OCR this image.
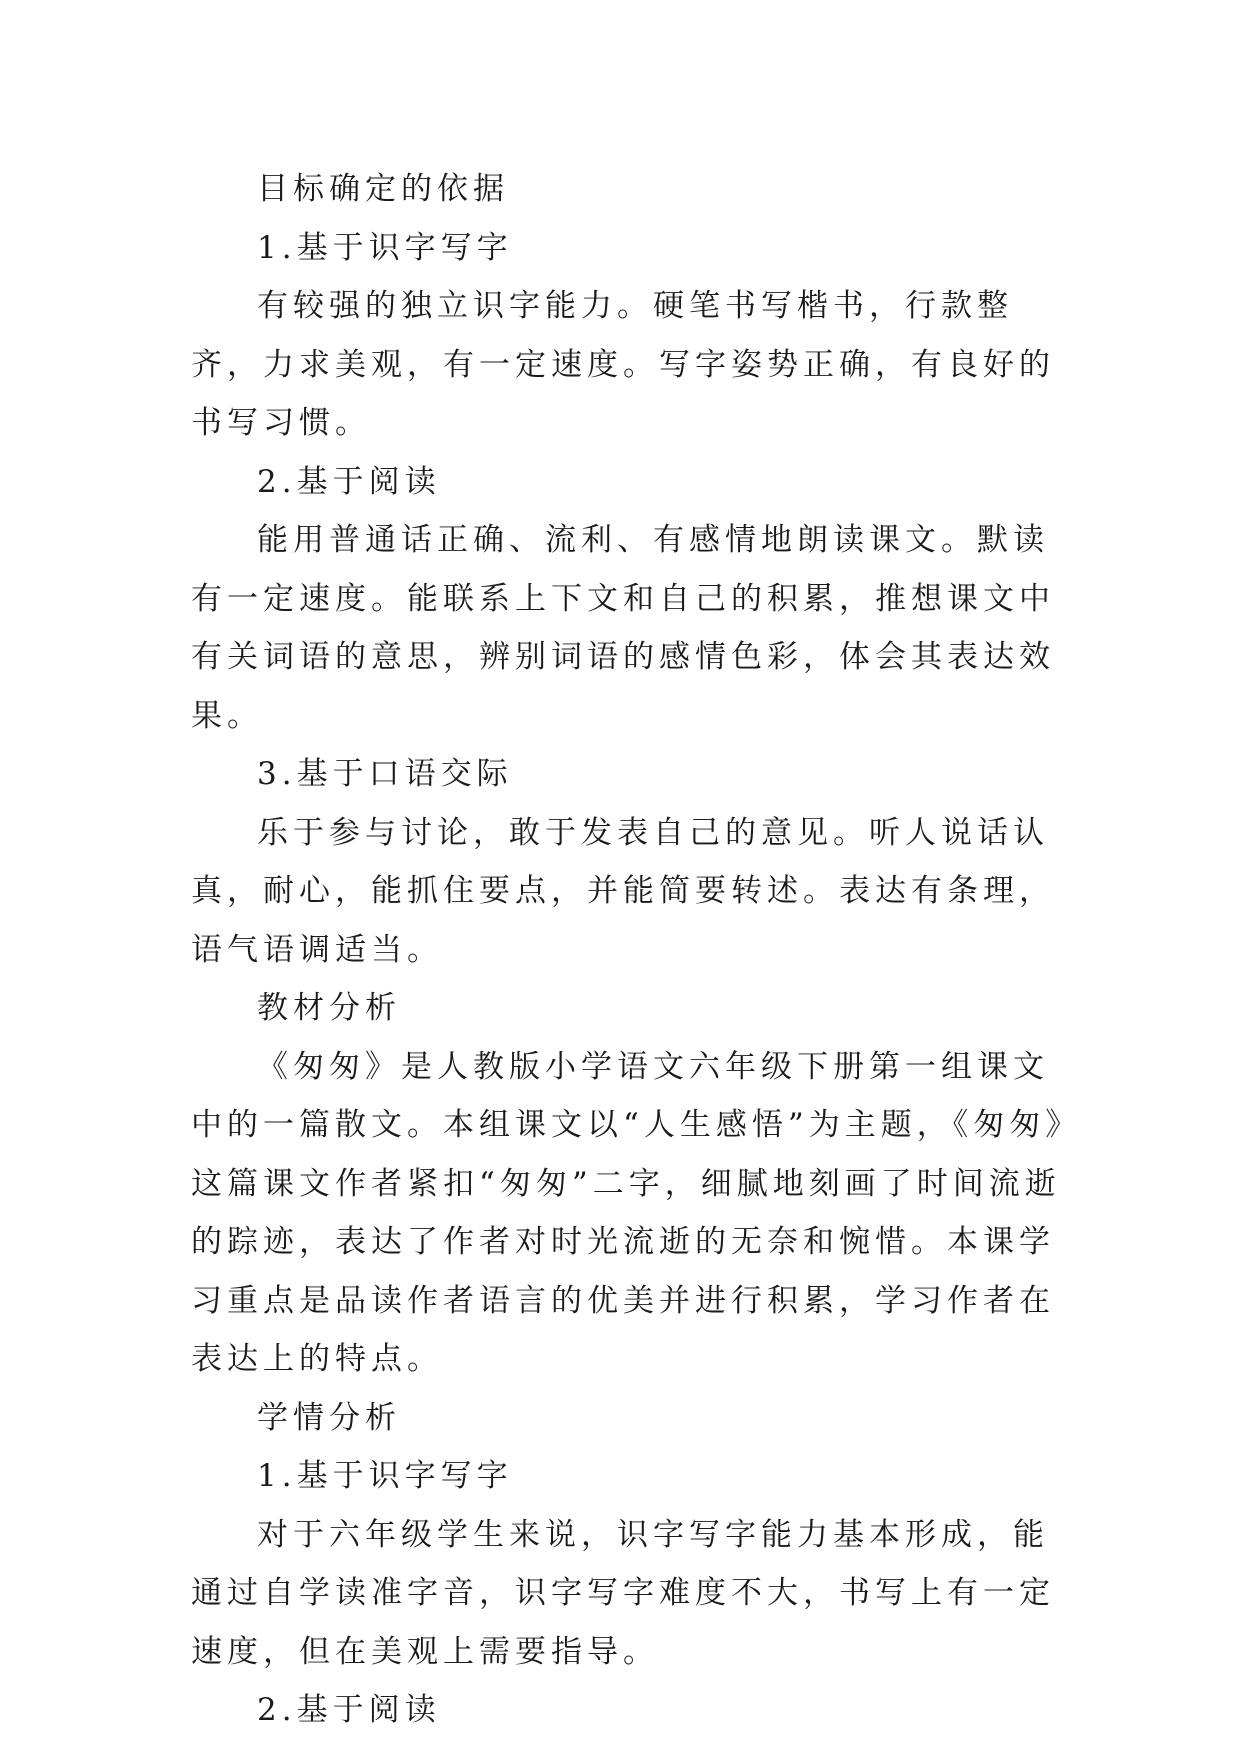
目标确定的依据

1.基于识字写字

有较强的独立识字能力。硬笔书写楷书，行款整齐，力求美观，有一定速度。写字姿势正确，有良好的书写习惯。

2.基于阅读

能用普通话正确、流利、有感情地朗读课文。默读有一定速度。能联系上下文和自己的积累，推想课文中有关词语的意思，辨别词语的感情色彩，体会其表达效果。

3.基于口语交际

乐于参与讨论，敢于发表自己的意见。听人说话认真，耐心，能抓住要点，并能简要转述。表达有条理，语气语调适当。

教材分析

《匆匆》是人教版小学语文六年级下册第一组课文中的一篇散文。本组课文以“人生感悟”为主题，《匆匆》这篇课文作者紧扣“匆匆”二字，细腻地刻画了时间流逝的踪迹，表达了作者对时光流逝的无奈和惋惜。本课学习重点是品读作者语言的优美并进行积累，学习作者在表达上的特点。

学情分析

1.基于识字写字

对于六年级学生来说，识字写字能力基本形成，能通过自学读准字音，识字写字难度不大，书写上有一定速度，但在美观上需要指导。

2.基于阅读
